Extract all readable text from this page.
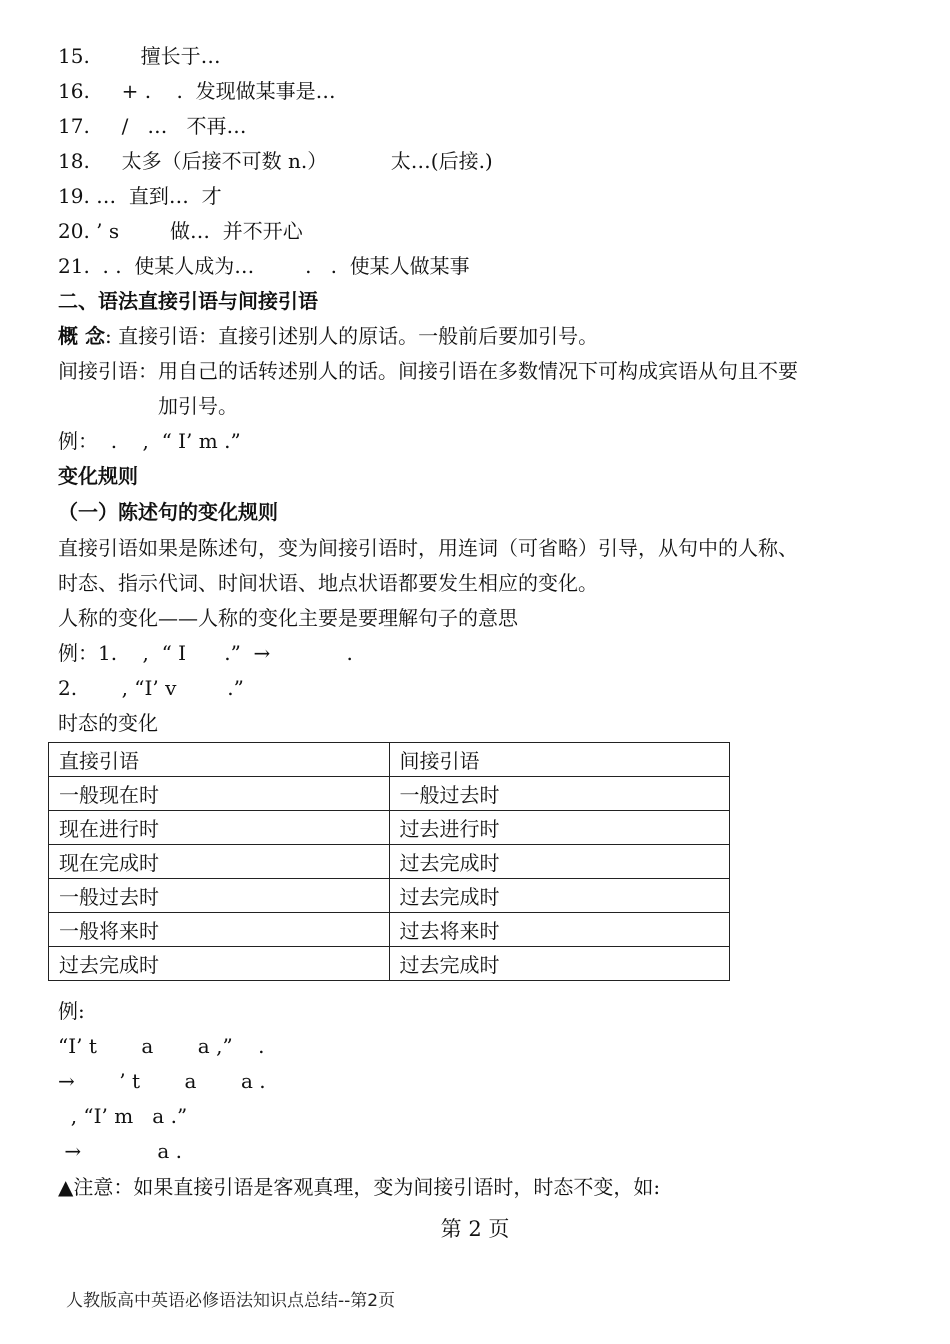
15.        擅长于…
16.     + .    .  发现做某事是…
17.     /   …   不再…
18.     太多（后接不可数 n.）          太…(后接.)
19. …  直到…  才
20. ’ s        做…  并不开心
21.  . .  使某人成为…        .   .  使某人做某事
二、语法直接引语与间接引语
概 念: 直接引语：直接引述别人的原话。一般前后要加引号。
间接引语：用自己的话转述别人的话。间接引语在多数情况下可构成宾语从句且不要
加引号。
例：  .    ,  “ I’ m .”
变化规则
（一）陈述句的变化规则
直接引语如果是陈述句，变为间接引语时，用连词（可省略）引导，从句中的人称、
时态、指示代词、时间状语、地点状语都要发生相应的变化。
人称的变化——人称的变化主要是要理解句子的意思
例：1.    ,  “ I      .”  →            .
2.       , “I’ v        .”
时态的变化
直接引语	间接引语
一般现在时	一般过去时
现在进行时	过去进行时
现在完成时	过去完成时
一般过去时	过去完成时
一般将来时	过去将来时
过去完成时	过去完成时
例:
“I’ t       a       a ,”    .
→       ’ t       a       a .
, “I’ m   a .”
→            a .
▲注意：如果直接引语是客观真理，变为间接引语时，时态不变，如:
第 2 页
人教版高中英语必修语法知识点总结--第2页
